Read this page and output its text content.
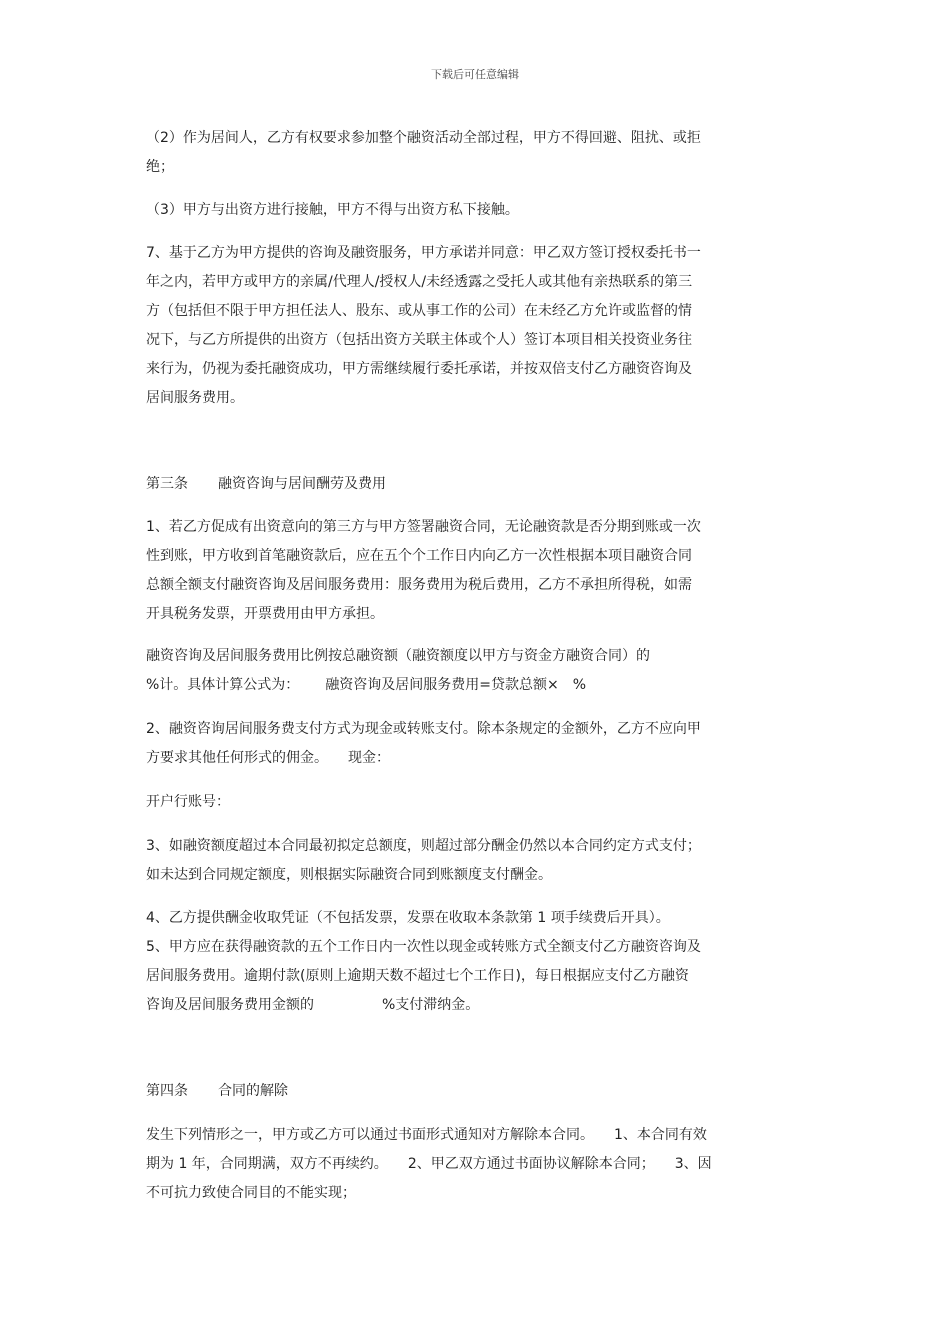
下载后可任意编辑

（2）作为居间人，乙方有权要求参加整个融资活动全部过程，甲方不得回避、阻扰、或拒

绝；

（3）甲方与出资方进行接触，甲方不得与出资方私下接触。

7、基于乙方为甲方提供的咨询及融资服务，甲方承诺并同意：甲乙双方签订授权委托书一

年之内，若甲方或甲方的亲属/代理人/授权人/未经透露之受托人或其他有亲热联系的第三

方（包括但不限于甲方担任法人、股东、或从事工作的公司）在未经乙方允许或监督的情

况下，与乙方所提供的出资方（包括出资方关联主体或个人）签订本项目相关投资业务往

来行为，仍视为委托融资成功，甲方需继续履行委托承诺，并按双倍支付乙方融资咨询及

居间服务费用。

第三条 融资咨询与居间酬劳及费用

1、若乙方促成有出资意向的第三方与甲方签署融资合同，无论融资款是否分期到账或一次

性到账，甲方收到首笔融资款后，应在五个个工作日内向乙方一次性根据本项目融资合同

总额全额支付融资咨询及居间服务费用：服务费用为税后费用，乙方不承担所得税，如需

开具税务发票，开票费用由甲方承担。

融资咨询及居间服务费用比例按总融资额（融资额度以甲方与资金方融资合同）的

%计。具体计算公式为： 融资咨询及居间服务费用=贷款总额× %

2、融资咨询居间服务费支付方式为现金或转账支付。除本条规定的金额外，乙方不应向甲

方要求其他任何形式的佣金。 现金：

开户行账号：

3、如融资额度超过本合同最初拟定总额度，则超过部分酬金仍然以本合同约定方式支付；

如未达到合同规定额度，则根据实际融资合同到账额度支付酬金。

4、乙方提供酬金收取凭证（不包括发票，发票在收取本条款第 1 项手续费后开具）。

5、甲方应在获得融资款的五个工作日内一次性以现金或转账方式全额支付乙方融资咨询及

居间服务费用。逾期付款(原则上逾期天数不超过七个工作日)，每日根据应支付乙方融资

咨询及居间服务费用金额的	%支付滞纳金。

第四条 合同的解除

发生下列情形之一，甲方或乙方可以通过书面形式通知对方解除本合同。 1、本合同有效

期为 1 年，合同期满，双方不再续约。 2、甲乙双方通过书面协议解除本合同； 3、因

不可抗力致使合同目的不能实现；
